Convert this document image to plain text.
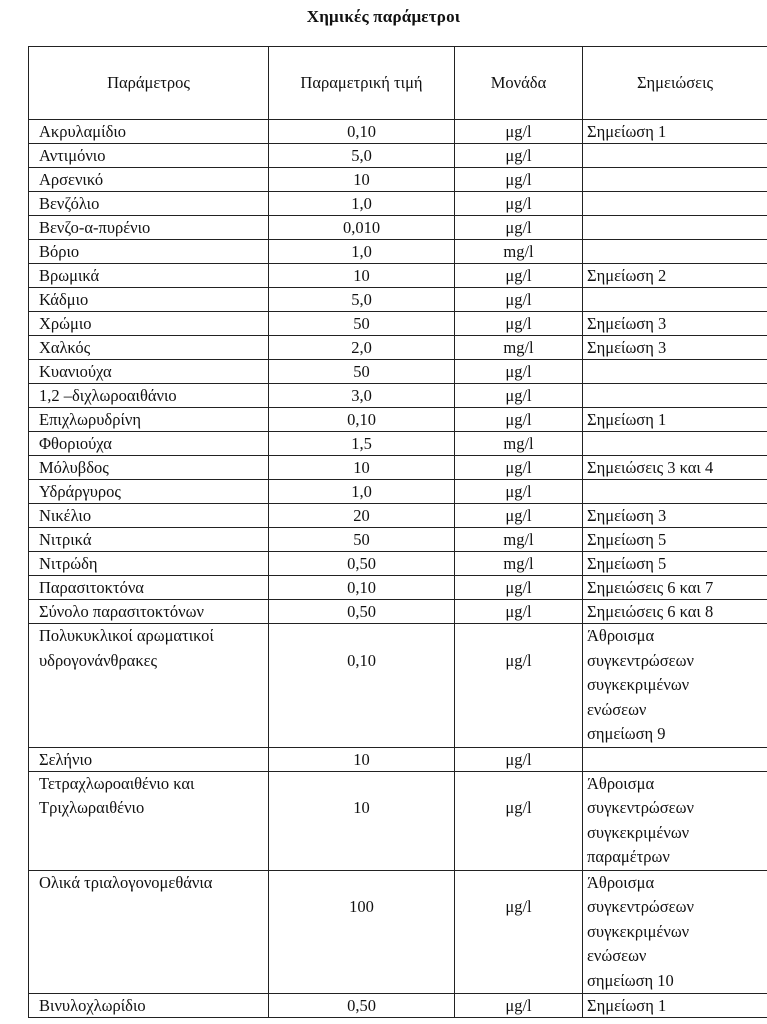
Χημικές παράμετροι
Παράμετρος	Παραμετρική τιμή	Μονάδα	Σημειώσεις

Ακρυλαμίδιο	0,10	μg/l	Σημείωση 1

Αντιμόνιο	5,0	μg/l	

Αρσενικό	10	μg/l	

Βενζόλιο	1,0	μg/l	

Βενζο-α-πυρένιο	0,010	μg/l	

Βόριο	1,0	mg/l	

Βρωμικά	10	μg/l	Σημείωση 2

Κάδμιο	5,0	μg/l	

Χρώμιο	50	μg/l	Σημείωση 3

Χαλκός	2,0	mg/l	Σημείωση 3

Κυανιούχα	50	μg/l	

1,2 –διχλωροαιθάνιο	3,0	μg/l	

Επιχλωρυδρίνη	0,10	μg/l	Σημείωση 1

Φθοριούχα	1,5	mg/l	

Μόλυβδος	10	μg/l	Σημειώσεις 3 και 4

Υδράργυρος	1,0	μg/l	

Νικέλιο	20	μg/l	Σημείωση 3

Νιτρικά	50	mg/l	Σημείωση 5

Νιτρώδη	0,50	mg/l	Σημείωση 5

Παρασιτοκτόνα	0,10	μg/l	Σημειώσεις 6 και 7

Σύνολο παρασιτοκτόνων	0,50	μg/l	Σημειώσεις 6 και 8

Πολυκυκλικοί αρωματικοί
υδρογονάνθρακες	0,10	μg/l	Άθροισμα
συγκεντρώσεων
συγκεκριμένων
ενώσεων
σημείωση 9

Σελήνιο	10	μg/l	

Τετραχλωροαιθένιο και
Τριχλωραιθένιο	10	μg/l	Άθροισμα
συγκεντρώσεων
συγκεκριμένων
παραμέτρων

Ολικά τριαλογονομεθάνια	100	μg/l	Άθροισμα
συγκεντρώσεων
συγκεκριμένων
ενώσεων
σημείωση 10

Βινυλοχλωρίδιο	0,50	μg/l	Σημείωση 1
